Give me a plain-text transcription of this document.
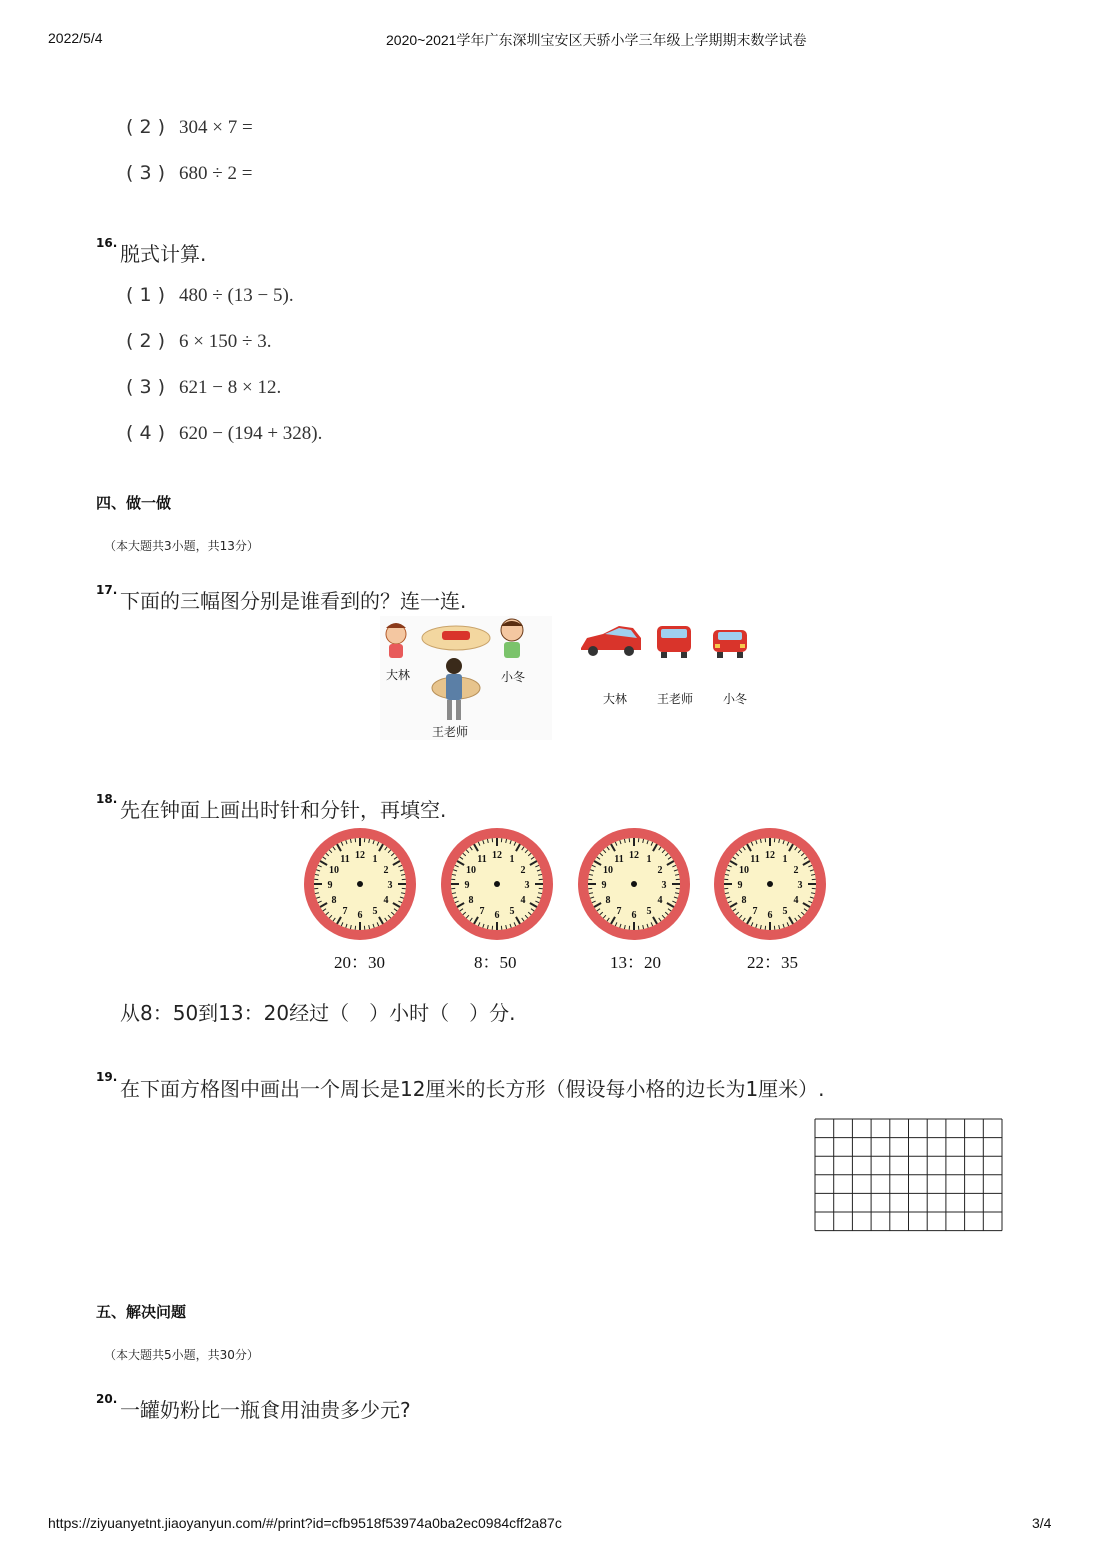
2022/5/4	2020~2021学年广东深圳宝安区天骄小学三年级上学期期末数学试卷
( 2 ) 304 × 7 =
( 3 ) 680 ÷ 2 =
16. 脱式计算.
( 1 ) 480 ÷ (13 − 5).
( 2 ) 6 × 150 ÷ 3.
( 3 ) 621 − 8 × 12.
( 4 ) 620 − (194 + 328).
四、做一做
（本大题共3小题，共13分）
17. 下面的三幅图分别是谁看到的？连一连.
大林	小冬
王老师
大林 王老师 小冬
18. 先在钟面上画出时针和分针，再填空.
12 1
2
3
4
5
6
7
8
9
10
11	12 1
2
3
4
5
6
7
8
9
10
11	12 1
2
3
4
5
6
7
8
9
10
11	12 1
2
3
4
5
6
7
8
9
10
11
20：30	8：50	13：20	22：35
从8：50到13：20经过（　）小时（　）分.
19. 在下面方格图中画出一个周长是12厘米的长方形（假设每小格的边长为1厘米）.
五、解决问题
（本大题共5小题，共30分）
20. 一罐奶粉比一瓶食用油贵多少元?
https://ziyuanyetnt.jiaoyanyun.com/#/print?id=cfb9518f53974a0ba2ec0984cff2a87c	3/4
